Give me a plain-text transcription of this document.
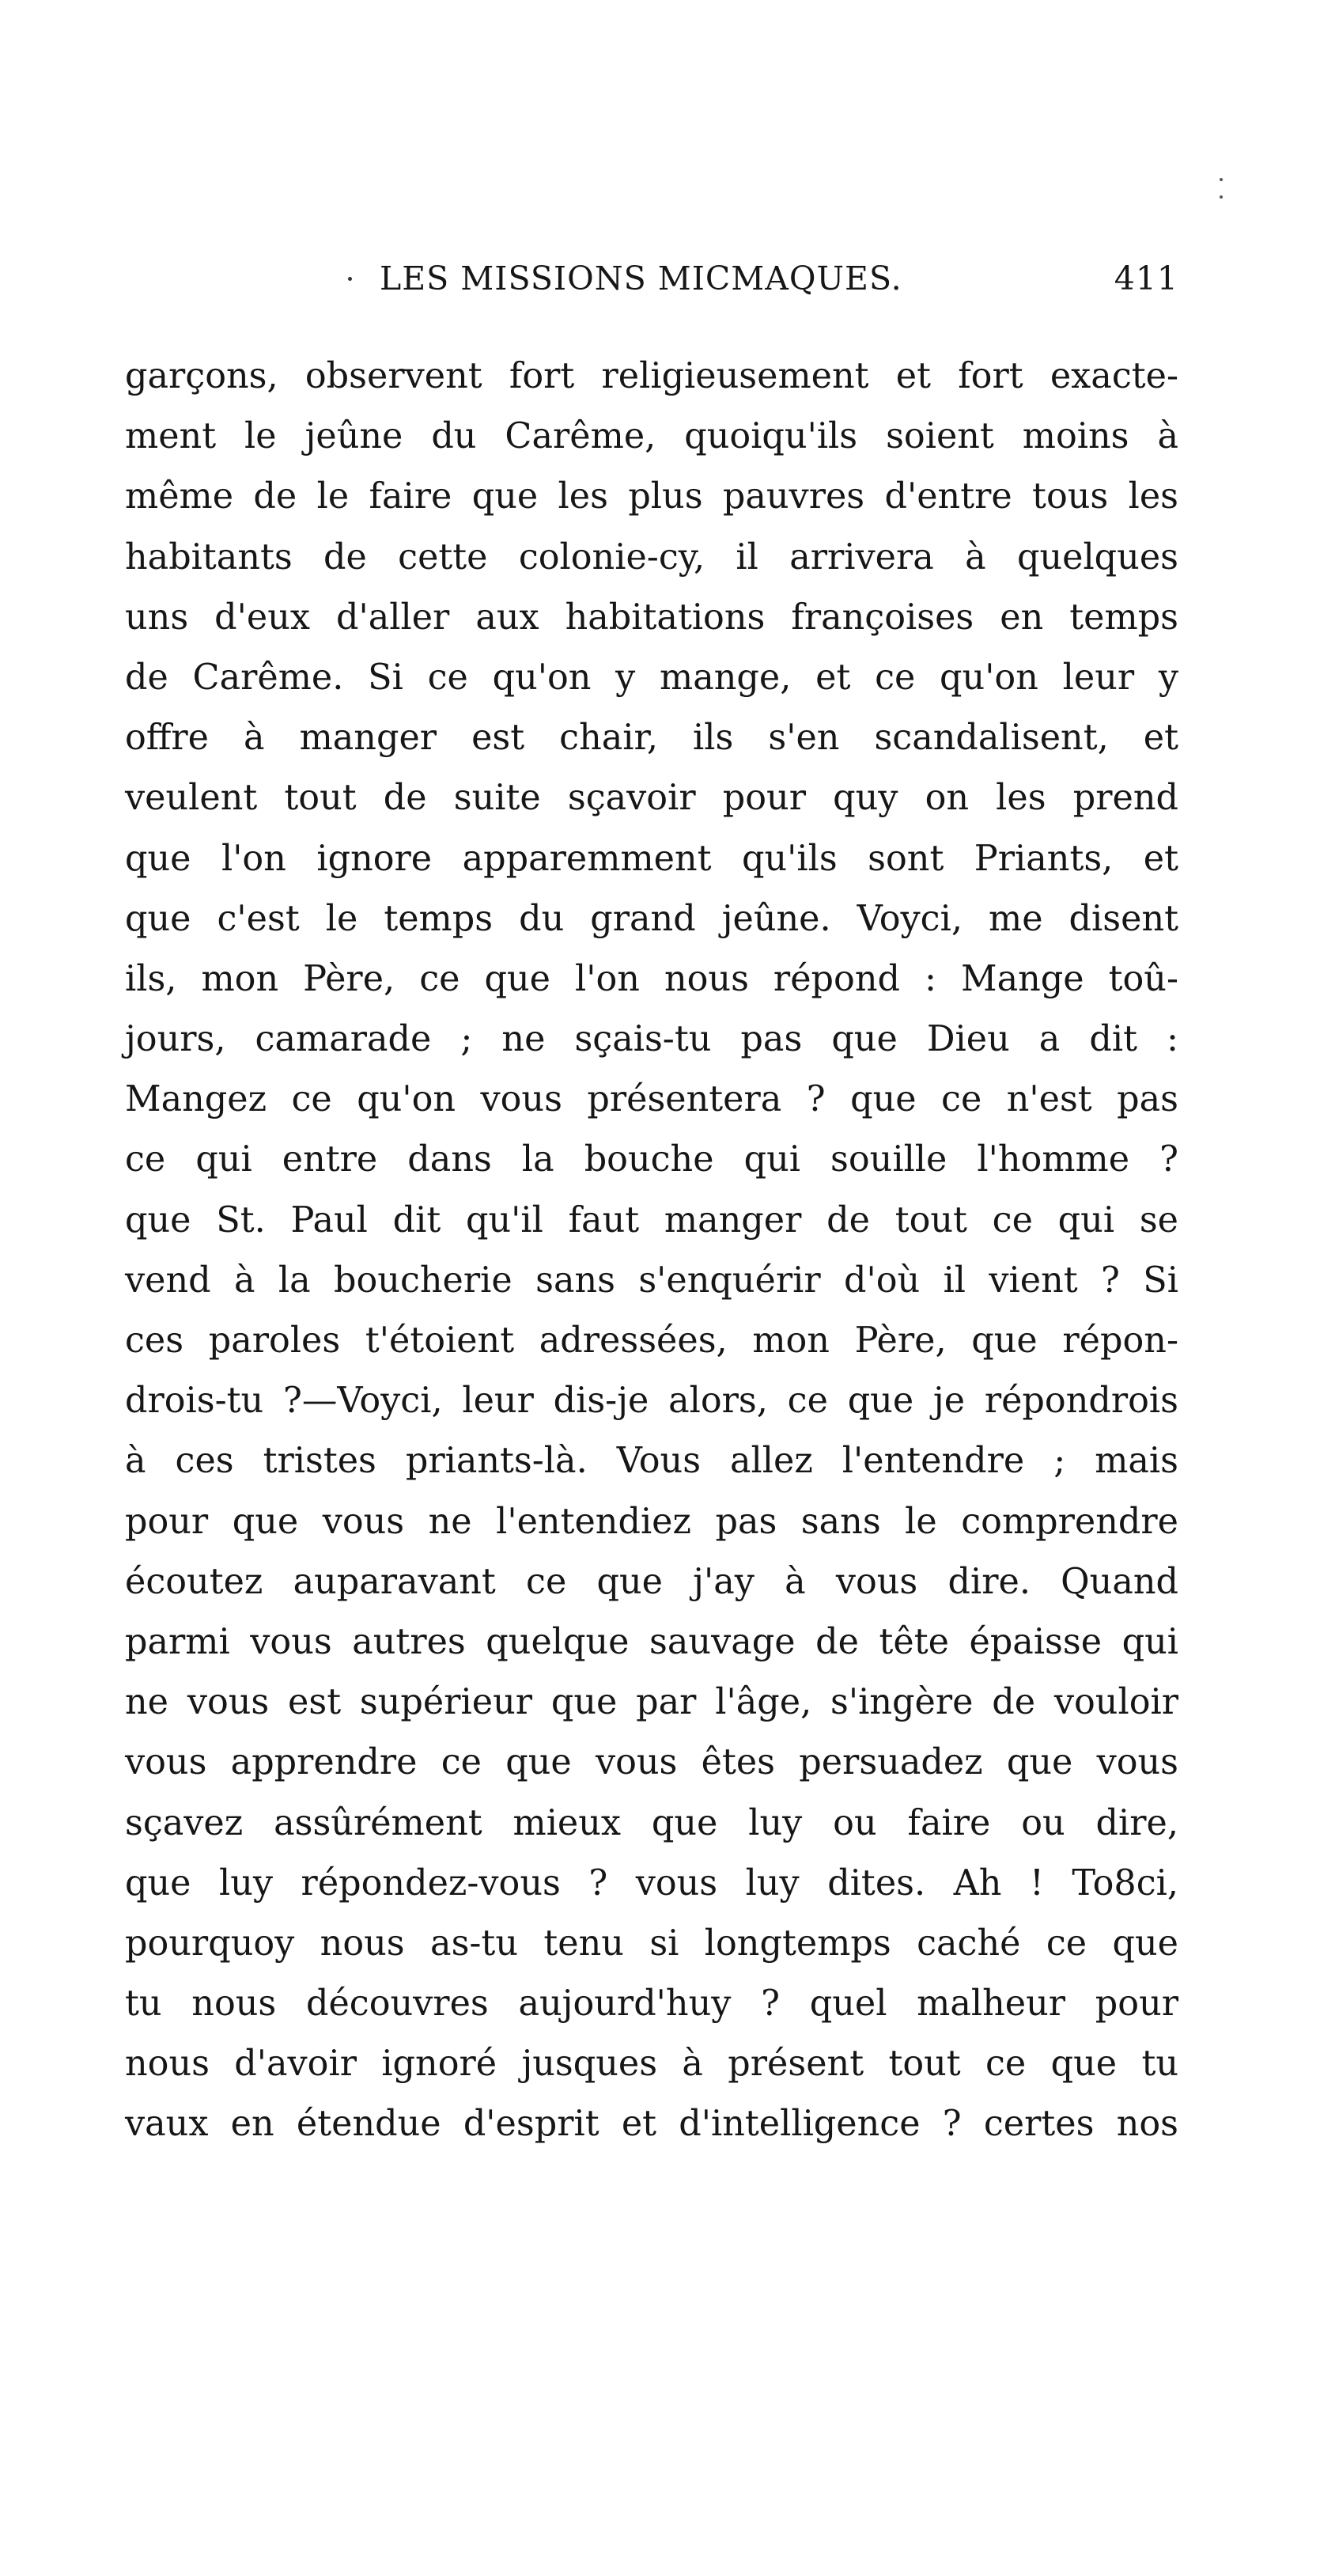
LES MISSIONS MICMAQUES.	411
garçons, observent fort religieusement et fort exacte-
ment le jeûne du Carême, quoiqu'ils soient moins à
même de le faire que les plus pauvres d'entre tous les
habitants de cette colonie-cy, il arrivera à quelques
uns d'eux d'aller aux habitations françoises en temps
de Carême. Si ce qu'on y mange, et ce qu'on leur y
offre à manger est chair, ils s'en scandalisent, et
veulent tout de suite sçavoir pour quy on les prend
que l'on ignore apparemment qu'ils sont Priants, et
que c'est le temps du grand jeûne. Voyci, me disent
ils, mon Père, ce que l'on nous répond : Mange toû-
jours, camarade ; ne sçais-tu pas que Dieu a dit :
Mangez ce qu'on vous présentera ? que ce n'est pas
ce qui entre dans la bouche qui souille l'homme ?
que St. Paul dit qu'il faut manger de tout ce qui se
vend à la boucherie sans s'enquérir d'où il vient ? Si
ces paroles t'étoient adressées, mon Père, que répon-
drois-tu ?—Voyci, leur dis-je alors, ce que je répondrois
à ces tristes priants-là. Vous allez l'entendre ; mais
pour que vous ne l'entendiez pas sans le comprendre
écoutez auparavant ce que j'ay à vous dire. Quand
parmi vous autres quelque sauvage de tête épaisse qui
ne vous est supérieur que par l'âge, s'ingère de vouloir
vous apprendre ce que vous êtes persuadez que vous
sçavez assûrément mieux que luy ou faire ou dire,
que luy répondez-vous ? vous luy dites. Ah ! To8ci,
pourquoy nous as-tu tenu si longtemps caché ce que
tu nous découvres aujourd'huy ? quel malheur pour
nous d'avoir ignoré jusques à présent tout ce que tu
vaux en étendue d'esprit et d'intelligence ? certes nos
